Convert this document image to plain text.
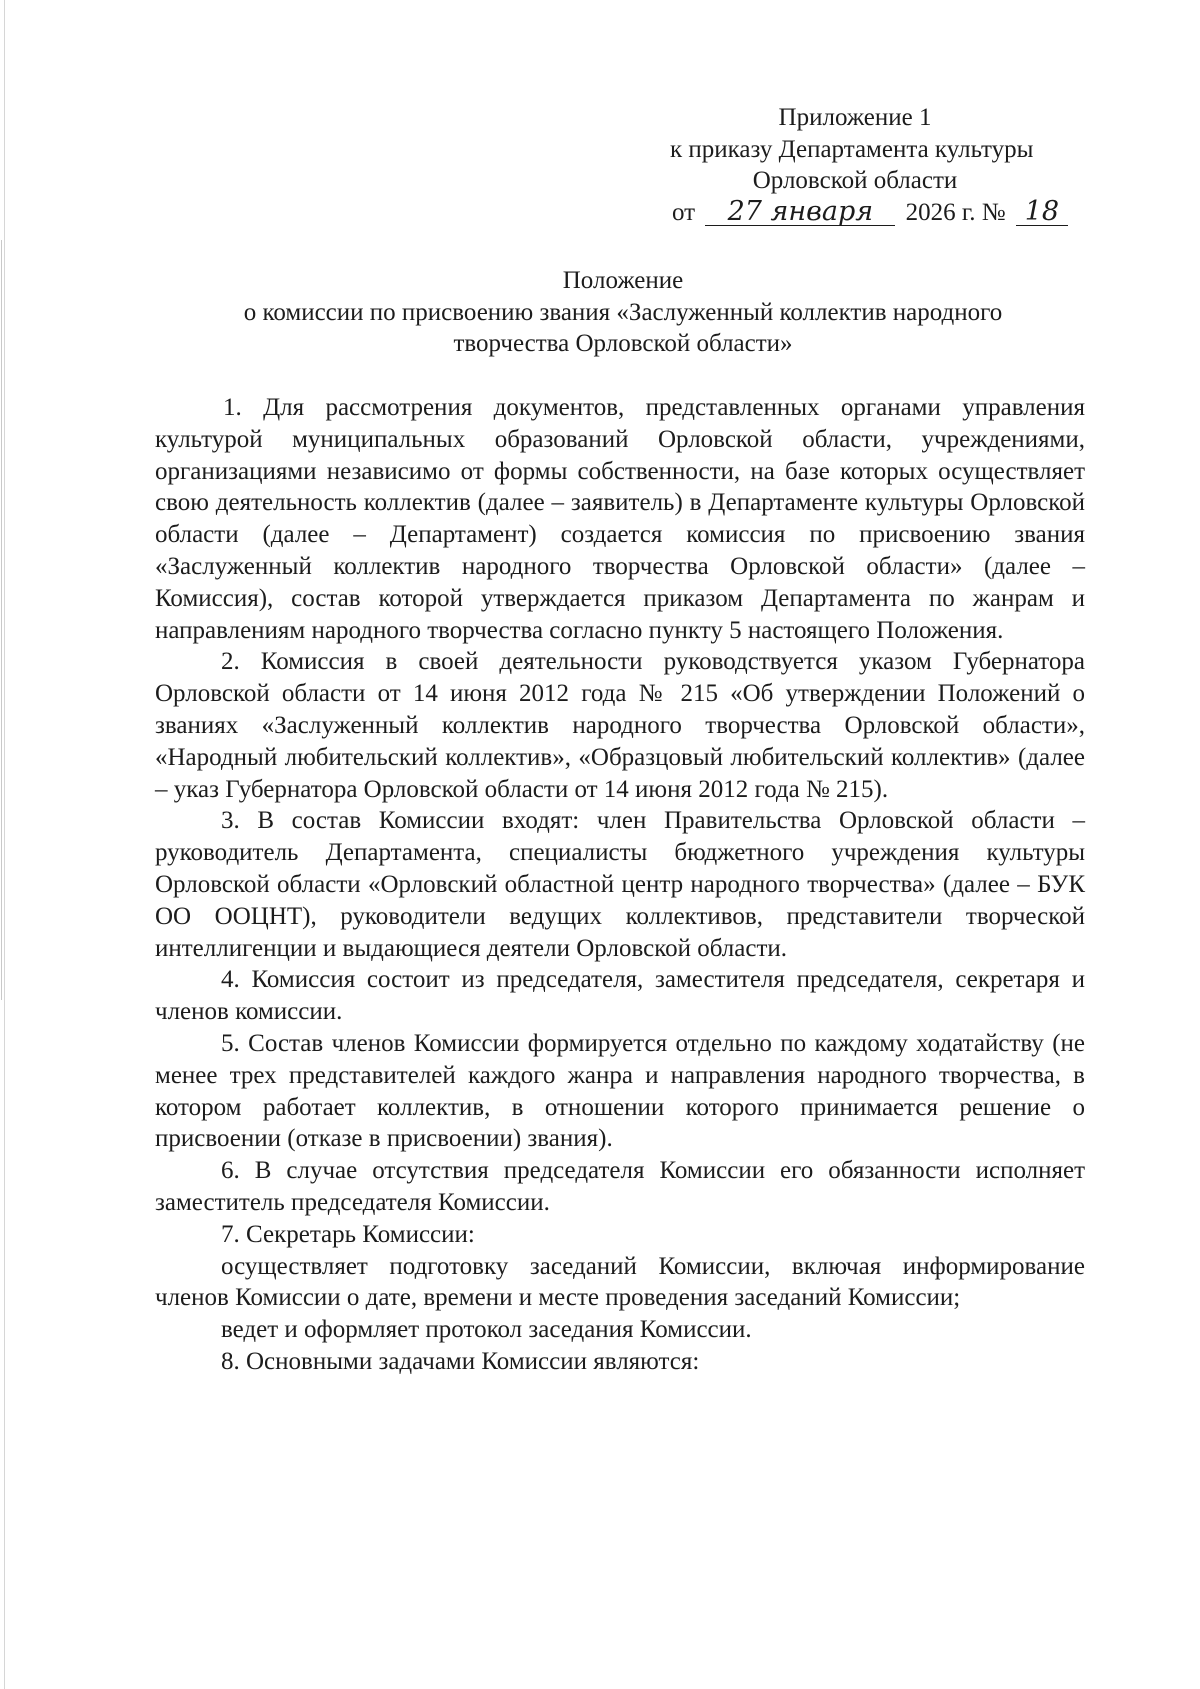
Приложение 1
к приказу Департамента культуры
Орловской области
от 27 января 2026 г. № 18
Положение
о комиссии по присвоению звания «Заслуженный коллектив народного
творчества Орловской области»

1. Для рассмотрения документов, представленных органами управления культурой муниципальных образований Орловской области, учреждениями, организациями независимо от формы собственности, на базе которых осуществляет свою деятельность коллектив (далее – заявитель) в Департаменте культуры Орловской области (далее – Департамент) создается комиссия по присвоению звания «Заслуженный коллектив народного творчества Орловской области» (далее – Комиссия), состав которой утверждается приказом Департамента по жанрам и направлениям народного творчества согласно пункту 5 настоящего Положения.

2. Комиссия в своей деятельности руководствуется указом Губернатора Орловской области от 14 июня 2012 года № 215 «Об утверждении Положений о званиях «Заслуженный коллектив народного творчества Орловской области», «Народный любительский коллектив», «Образцовый любительский коллектив» (далее – указ Губернатора Орловской области от 14 июня 2012 года № 215).

3. В состав Комиссии входят: член Правительства Орловской области – руководитель Департамента, специалисты бюджетного учреждения культуры Орловской области «Орловский областной центр народного творчества» (далее – БУК ОО ООЦНТ), руководители ведущих коллективов, представители творческой интеллигенции и выдающиеся деятели Орловской области.

4. Комиссия состоит из председателя, заместителя председателя, секретаря и членов комиссии.

5. Состав членов Комиссии формируется отдельно по каждому ходатайству (не менее трех представителей каждого жанра и направления народного творчества, в котором работает коллектив, в отношении которого принимается решение о присвоении (отказе в присвоении) звания).

6. В случае отсутствия председателя Комиссии его обязанности исполняет заместитель председателя Комиссии.

7. Секретарь Комиссии:

осуществляет подготовку заседаний Комиссии, включая информирование членов Комиссии о дате, времени и месте проведения заседаний Комиссии;

ведет и оформляет протокол заседания Комиссии.

8. Основными задачами Комиссии являются:
